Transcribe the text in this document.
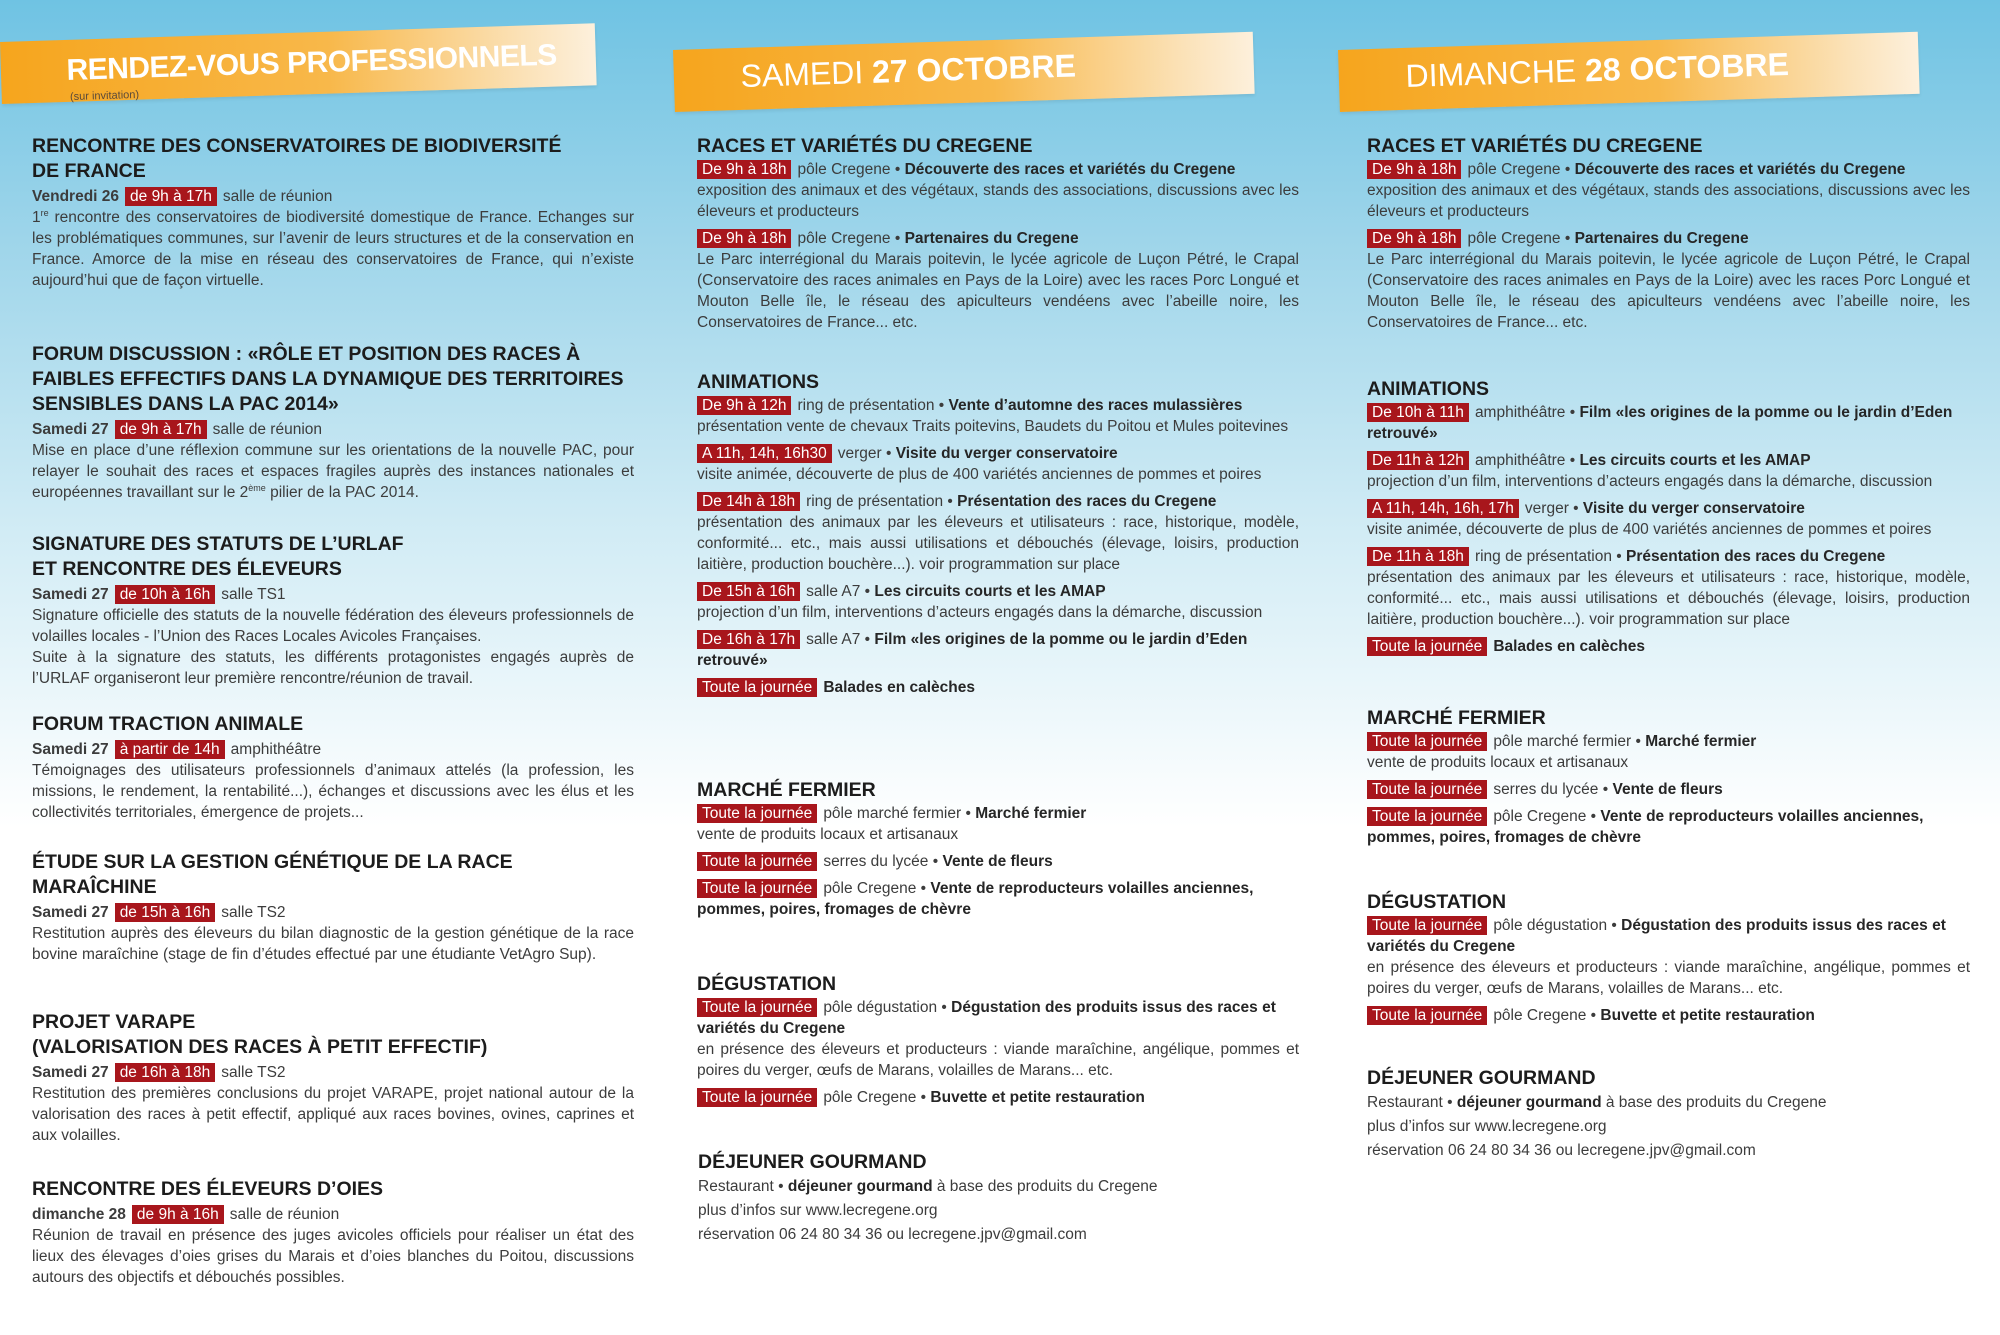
RENDEZ-VOUS PROFESSIONNELS
(sur invitation)
SAMEDI 27 OCTOBRE	DIMANCHE 28 OCTOBRE
RENCONTRE DES CONSERVATOIRES DE BIODIVERSITÉ
DE FRANCE
Vendredi 26 de 9h à 17h salle de réunion

1re rencontre des conservatoires de biodiversité domestique de France. Echanges sur les problématiques communes, sur l’avenir de leurs structures et de la conservation en France. Amorce de la mise en réseau des conservatoires de France, qui n’existe aujourd’hui que de façon virtuelle.

FORUM DISCUSSION : «RÔLE ET POSITION DES RACES À
FAIBLES EFFECTIFS DANS LA DYNAMIQUE DES TERRITOIRES
SENSIBLES DANS LA PAC 2014»
Samedi 27 de 9h à 17h salle de réunion

Mise en place d’une réflexion commune sur les orientations de la nouvelle PAC, pour relayer le souhait des races et espaces fragiles auprès des instances nationales et européennes travaillant sur le 2ème pilier de la PAC 2014.

SIGNATURE DES STATUTS DE L’URLAF
ET RENCONTRE DES ÉLEVEURS
Samedi 27 de 10h à 16h salle TS1

Signature officielle des statuts de la nouvelle fédération des éleveurs professionnels de volailles locales - l’Union des Races Locales Avicoles Françaises.

Suite à la signature des statuts, les différents protagonistes engagés auprès de l’URLAF organiseront leur première rencontre/réunion de travail.

FORUM TRACTION ANIMALE
Samedi 27 à partir de 14h amphithéâtre

Témoignages des utilisateurs professionnels d’animaux attelés (la profession, les missions, le rendement, la rentabilité...), échanges et discussions avec les élus et les collectivités territoriales, émergence de projets...

ÉTUDE SUR LA GESTION GÉNÉTIQUE DE LA RACE
MARAÎCHINE
Samedi 27 de 15h à 16h salle TS2

Restitution auprès des éleveurs du bilan diagnostic de la gestion génétique de la race bovine maraîchine (stage de fin d’études effectué par une étudiante VetAgro Sup).

PROJET VARAPE
(VALORISATION DES RACES À PETIT EFFECTIF)
Samedi 27 de 16h à 18h salle TS2

Restitution des premières conclusions du projet VARAPE, projet national autour de la valorisation des races à petit effectif, appliqué aux races bovines, ovines, caprines et aux volailles.

RENCONTRE DES ÉLEVEURS D’OIES
dimanche 28 de 9h à 16h salle de réunion

Réunion de travail en présence des juges avicoles officiels pour réaliser un état des lieux des élevages d’oies grises du Marais et d’oies blanches du Poitou, discussions autours des objectifs et débouchés possibles.

RACES ET VARIÉTÉS DU CREGENE
De 9h à 18h pôle Cregene • Découverte des races et variétés du Cregene

exposition des animaux et des végétaux, stands des associations, discussions avec les éleveurs et producteurs

De 9h à 18h pôle Cregene • Partenaires du Cregene

Le Parc interrégional du Marais poitevin, le lycée agricole de Luçon Pétré, le Crapal (Conservatoire des races animales en Pays de la Loire) avec les races Porc Longué et Mouton Belle île, le réseau des apiculteurs vendéens avec l’abeille noire, les Conservatoires de France... etc.

ANIMATIONS
De 9h à 12h ring de présentation • Vente d’automne des races mulassières

présentation vente de chevaux Traits poitevins, Baudets du Poitou et Mules poitevines

A 11h, 14h, 16h30 verger • Visite du verger conservatoire

visite animée, découverte de plus de 400 variétés anciennes de pommes et poires

De 14h à 18h ring de présentation • Présentation des races du Cregene

présentation des animaux par les éleveurs et utilisateurs : race, historique, modèle, conformité... etc., mais aussi utilisations et débouchés (élevage, loisirs, production laitière, production bouchère...). voir programmation sur place

De 15h à 16h salle A7 • Les circuits courts et les AMAP

projection d’un film, interventions d’acteurs engagés dans la démarche, discussion

De 16h à 17h salle A7 • Film «les origines de la pomme ou le jardin d’Eden retrouvé»
Toute la journée Balades en calèches
MARCHÉ FERMIER
Toute la journée pôle marché fermier • Marché fermier

vente de produits locaux et artisanaux

Toute la journée serres du lycée • Vente de fleurs
Toute la journée pôle Cregene • Vente de reproducteurs volailles anciennes, pommes, poires, fromages de chèvre
DÉGUSTATION
Toute la journée pôle dégustation • Dégustation des produits issus des races et variétés du Cregene

en présence des éleveurs et producteurs : viande maraîchine, angélique, pommes et poires du verger, œufs de Marans, volailles de Marans... etc.

Toute la journée pôle Cregene • Buvette et petite restauration
DÉJEUNER GOURMAND
Restaurant • déjeuner gourmand à base des produits du Cregene
plus d’infos sur www.lecregene.org
réservation 06 24 80 34 36 ou lecregene.jpv@gmail.com
RACES ET VARIÉTÉS DU CREGENE
De 9h à 18h pôle Cregene • Découverte des races et variétés du Cregene

exposition des animaux et des végétaux, stands des associations, discussions avec les éleveurs et producteurs

De 9h à 18h pôle Cregene • Partenaires du Cregene

Le Parc interrégional du Marais poitevin, le lycée agricole de Luçon Pétré, le Crapal (Conservatoire des races animales en Pays de la Loire) avec les races Porc Longué et Mouton Belle île, le réseau des apiculteurs vendéens avec l’abeille noire, les Conservatoires de France... etc.

ANIMATIONS
De 10h à 11h amphithéâtre • Film «les origines de la pomme ou le jardin d’Eden retrouvé»
De 11h à 12h amphithéâtre • Les circuits courts et les AMAP

projection d’un film, interventions d’acteurs engagés dans la démarche, discussion

A 11h, 14h, 16h, 17h verger • Visite du verger conservatoire

visite animée, découverte de plus de 400 variétés anciennes de pommes et poires

De 11h à 18h ring de présentation • Présentation des races du Cregene

présentation des animaux par les éleveurs et utilisateurs : race, historique, modèle, conformité... etc., mais aussi utilisations et débouchés (élevage, loisirs, production laitière, production bouchère...). voir programmation sur place

Toute la journée Balades en calèches
MARCHÉ FERMIER
Toute la journée pôle marché fermier • Marché fermier

vente de produits locaux et artisanaux

Toute la journée serres du lycée • Vente de fleurs
Toute la journée pôle Cregene • Vente de reproducteurs volailles anciennes, pommes, poires, fromages de chèvre
DÉGUSTATION
Toute la journée pôle dégustation • Dégustation des produits issus des races et variétés du Cregene

en présence des éleveurs et producteurs : viande maraîchine, angélique, pommes et poires du verger, œufs de Marans, volailles de Marans... etc.

Toute la journée pôle Cregene • Buvette et petite restauration
DÉJEUNER GOURMAND
Restaurant • déjeuner gourmand à base des produits du Cregene
plus d’infos sur www.lecregene.org
réservation 06 24 80 34 36 ou lecregene.jpv@gmail.com
